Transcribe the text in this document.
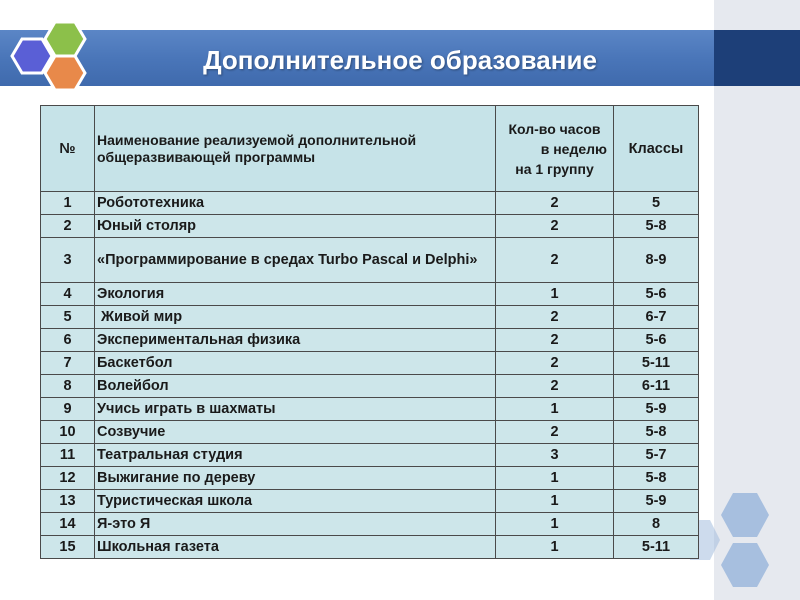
Дополнительное образование
№	Наименование реализуемой дополнительной общеразвивающей программы	Кол-во часов
в неделю
на 1 группу	Классы
1	Робототехника	2	5
2	Юный столяр	2	5-8
3	«Программирование в средах Turbo Pascal и Delphi»	2	8-9
4	Экология	1	5-6
5	Живой мир	2	6-7
6	Экспериментальная физика	2	5-6
7	Баскетбол	2	5-11
8	Волейбол	2	6-11
9	Учись играть в шахматы	1	5-9
10	Созвучие	2	5-8
11	Театральная студия	3	5-7
12	Выжигание по дереву	1	5-8
13	Туристическая школа	1	5-9
14	Я-это Я	1	8
15	Школьная газета	1	5-11
